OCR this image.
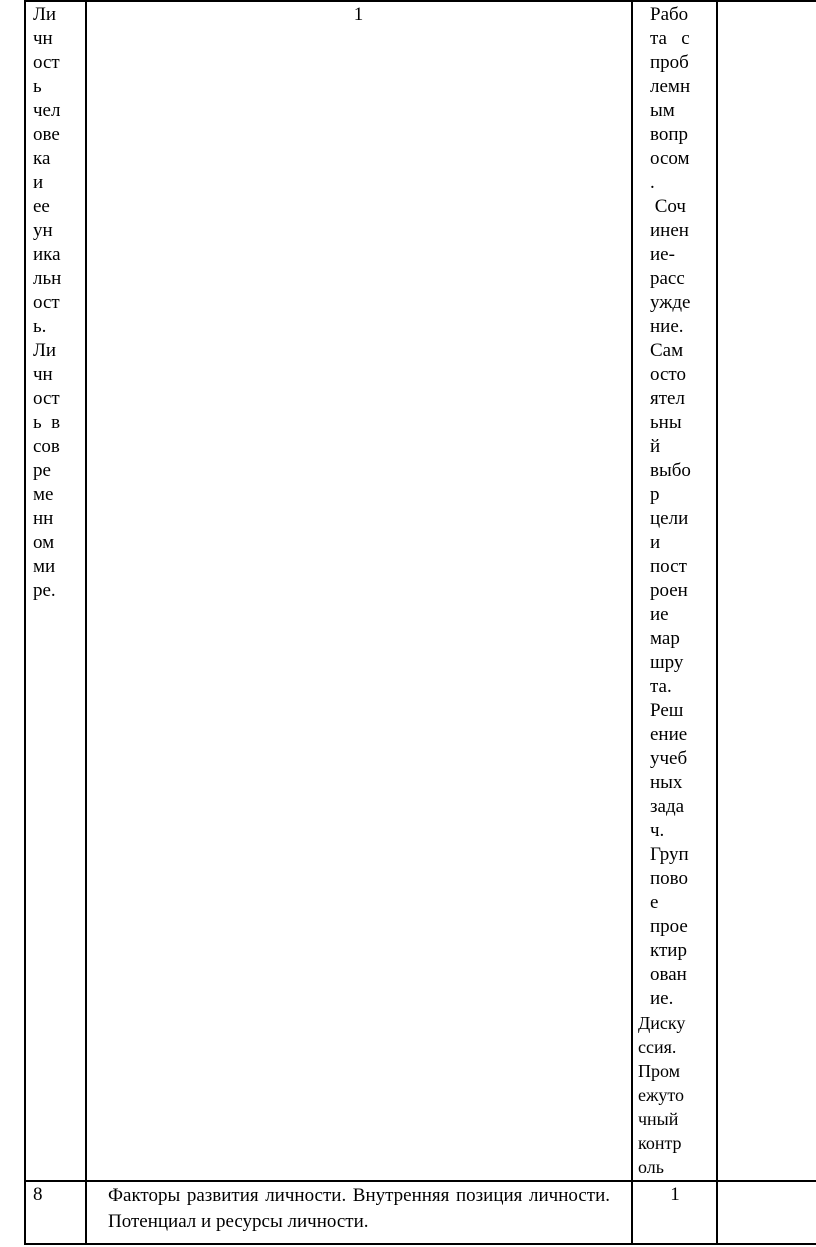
Ли
чн
ост
ь
чел
ове
ка
и
ее
ун
ика
льн
ост
ь.
Ли
чн
ост
ь  в
сов
ре
ме
нн
ом
ми
ре.
1	Рабо
та   с
проб
лемн
ым
вопр
осом
.
Соч
инен
ие-
расс
ужде
ние.
Сам
осто
ятел
ьны
й
выбо
р
цели
и
пост
роен
ие
мар
шру
та.
Реш
ение
учеб
ных
зада
ч.
Груп
пово
е
прое
ктир
ован
ие.
Диску
ссия.
Пром
ежуто
чный
контр
оль
8	Факторы развития личности. Внутренняя позиция личности. Потенциал и ресурсы личности.
1
